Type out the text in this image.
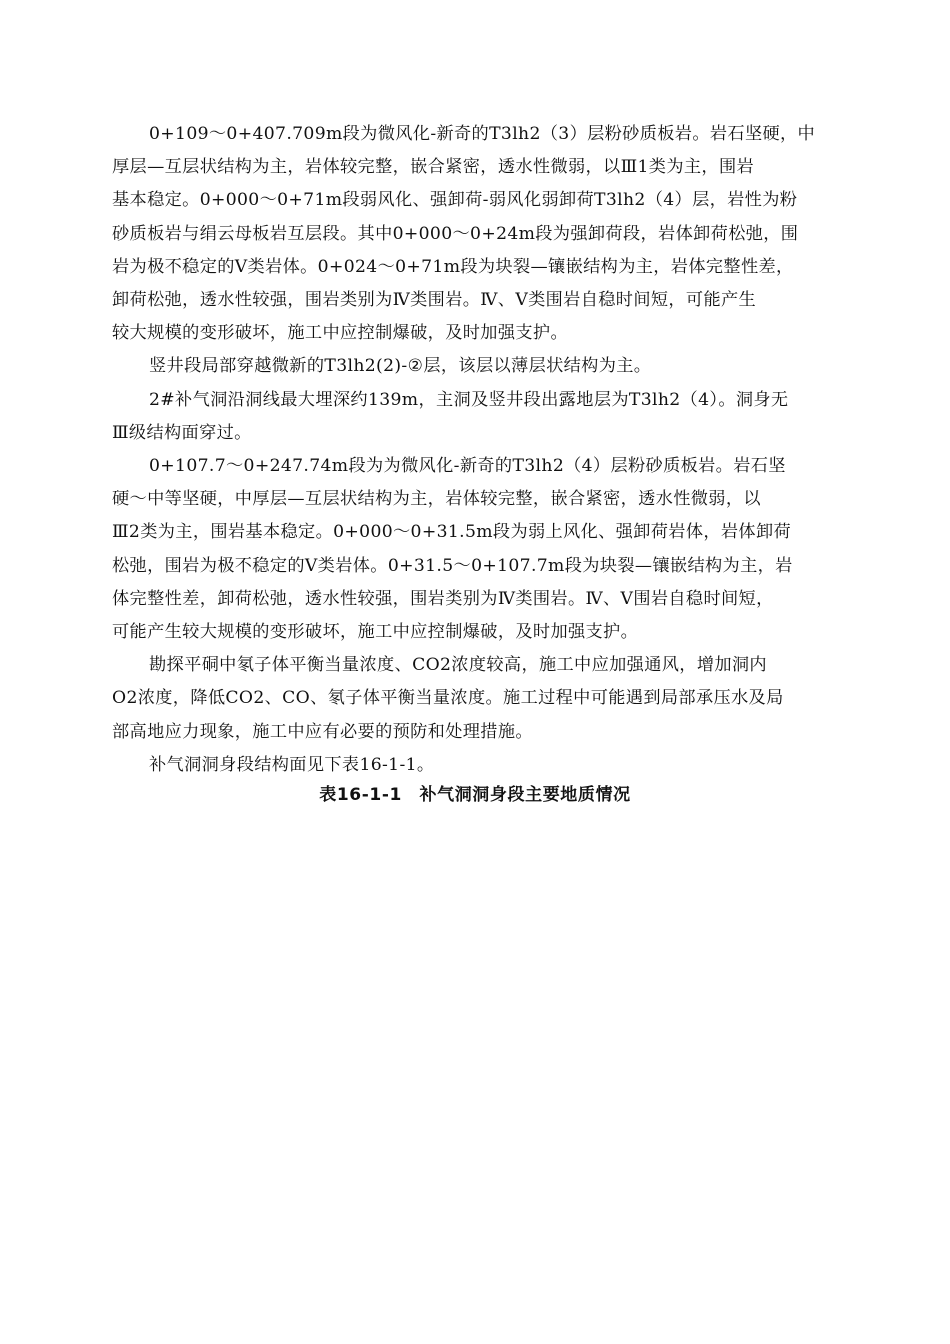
0+109～0+407.709m段为微风化-新奇的T3lh2（3）层粉砂质板岩。岩石坚硬，中
厚层—互层状结构为主，岩体较完整，嵌合紧密，透水性微弱，以Ⅲ1类为主，围岩
基本稳定。0+000～0+71m段弱风化、强卸荷-弱风化弱卸荷T3lh2（4）层，岩性为粉
砂质板岩与绢云母板岩互层段。其中0+000～0+24m段为强卸荷段，岩体卸荷松弛，围
岩为极不稳定的Ⅴ类岩体。0+024～0+71m段为块裂—镶嵌结构为主，岩体完整性差，
卸荷松弛，透水性较强，围岩类别为Ⅳ类围岩。Ⅳ、Ⅴ类围岩自稳时间短，可能产生
较大规模的变形破坏，施工中应控制爆破，及时加强支护。

竖井段局部穿越微新的T3lh2(2)-②层，该层以薄层状结构为主。

2#补气洞沿洞线最大埋深约139m，主洞及竖井段出露地层为T3lh2（4）。洞身无
Ⅲ级结构面穿过。

0+107.7～0+247.74m段为为微风化-新奇的T3lh2（4）层粉砂质板岩。岩石坚
硬～中等坚硬，中厚层—互层状结构为主，岩体较完整，嵌合紧密，透水性微弱，以
Ⅲ2类为主，围岩基本稳定。0+000～0+31.5m段为弱上风化、强卸荷岩体，岩体卸荷
松弛，围岩为极不稳定的Ⅴ类岩体。0+31.5～0+107.7m段为块裂—镶嵌结构为主，岩
体完整性差，卸荷松弛，透水性较强，围岩类别为Ⅳ类围岩。Ⅳ、Ⅴ围岩自稳时间短，
可能产生较大规模的变形破坏，施工中应控制爆破，及时加强支护。

勘探平硐中氡子体平衡当量浓度、CO2浓度较高，施工中应加强通风，增加洞内
O2浓度，降低CO2、CO、氡子体平衡当量浓度。施工过程中可能遇到局部承压水及局
部高地应力现象，施工中应有必要的预防和处理措施。

补气洞洞身段结构面见下表16-1-1。

表16-1-1　补气洞洞身段主要地质情况
